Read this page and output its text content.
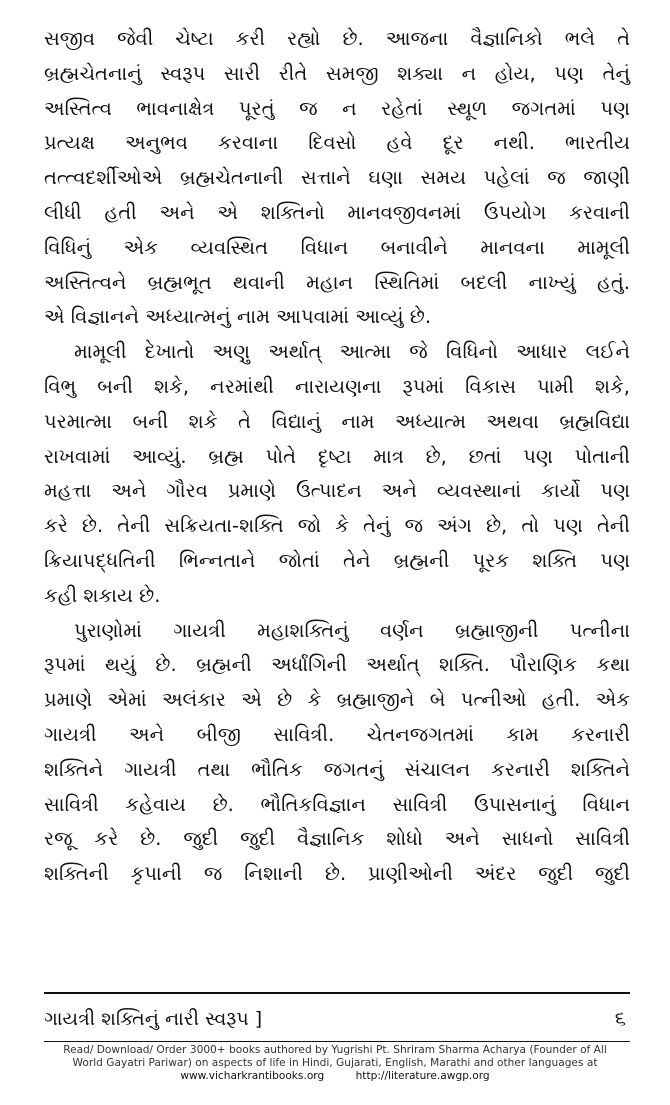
સજીવ જેવી ચેષ્ટા કરી રહ્યો છે. આજના વૈજ્ઞાનિકો ભલે તે
બ્રહ્મચેતનાનું સ્વરૂપ સારી રીતે સમજી શક્યા ન હોય, પણ તેનું
અસ્તિત્વ ભાવનાક્ષેત્ર પૂરતું જ ન રહેતાં સ્થૂળ જગતમાં પણ
પ્રત્યક્ષ અનુભવ કરવાના દિવસો હવે દૂર નથી. ભારતીય
તત્ત્વદર્શીઓએ બ્રહ્મચેતનાની સત્તાને ઘણા સમય પહેલાં જ જાણી
લીધી હતી અને એ શક્તિનો માનવજીવનમાં ઉપયોગ કરવાની
વિધિનું એક વ્યવસ્થિત વિધાન બનાવીને માનવના મામૂલી
અસ્તિત્વને બ્રહ્મભૂત થવાની મહાન સ્થિતિમાં બદલી નાખ્યું હતું.
એ વિજ્ઞાનને અધ્યાત્મનું નામ આપવામાં આવ્યું છે.
મામૂલી દેખાતો અણુ અર્થાત્ આત્મા જે વિધિનો આધાર લઈને
વિભુ બની શકે, નરમાંથી નારાયણના રૂપમાં વિકાસ પામી શકે,
પરમાત્મા બની શકે તે વિદ્યાનું નામ અધ્યાત્મ અથવા બ્રહ્મવિદ્યા
રાખવામાં આવ્યું. બ્રહ્મ પોતે દૃષ્ટા માત્ર છે, છતાં પણ પોતાની
મહત્તા અને ગૌરવ પ્રમાણે ઉત્પાદન અને વ્યવસ્થાનાં કાર્યો પણ
કરે છે. તેની સક્રિયતા-શક્તિ જો કે તેનું જ અંગ છે, તો પણ તેની
ક્રિયાપદ્ધતિની ભિન્નતાને જોતાં તેને બ્રહ્મની પૂરક શક્તિ પણ
કહી શકાય છે.
પુરાણોમાં ગાયત્રી મહાશક્તિનું વર્ણન બ્રહ્માજીની પત્નીના
રૂપમાં થયું છે. બ્રહ્મની અર્ધાંગિની અર્થાત્ શક્તિ. પૌરાણિક કથા
પ્રમાણે એમાં અલંકાર એ છે કે બ્રહ્માજીને બે પત્નીઓ હતી. એક
ગાયત્રી અને બીજી સાવિત્રી. ચેતનજગતમાં કામ કરનારી
શક્તિને ગાયત્રી તથા ભૌતિક જગતનું સંચાલન કરનારી શક્તિને
સાવિત્રી કહેવાય છે. ભૌતિકવિજ્ઞાન સાવિત્રી ઉપાસનાનું વિધાન
રજૂ કરે છે. જુદી જુદી વૈજ્ઞાનિક શોધો અને સાધનો સાવિત્રી
શક્તિની કૃપાની જ નિશાની છે. પ્રાણીઓની અંદર જુદી જુદી
ગાયત્રી શક્તિનું નારી સ્વરૂપ ]	૬
Read/ Download/ Order 3000+ books authored by Yugrishi Pt. Shriram Sharma Acharya (Founder of All
World Gayatri Pariwar) on aspects of life in Hindi, Gujarati, English, Marathi and other languages at
www.vicharkrantibooks.org	http://literature.awgp.org
